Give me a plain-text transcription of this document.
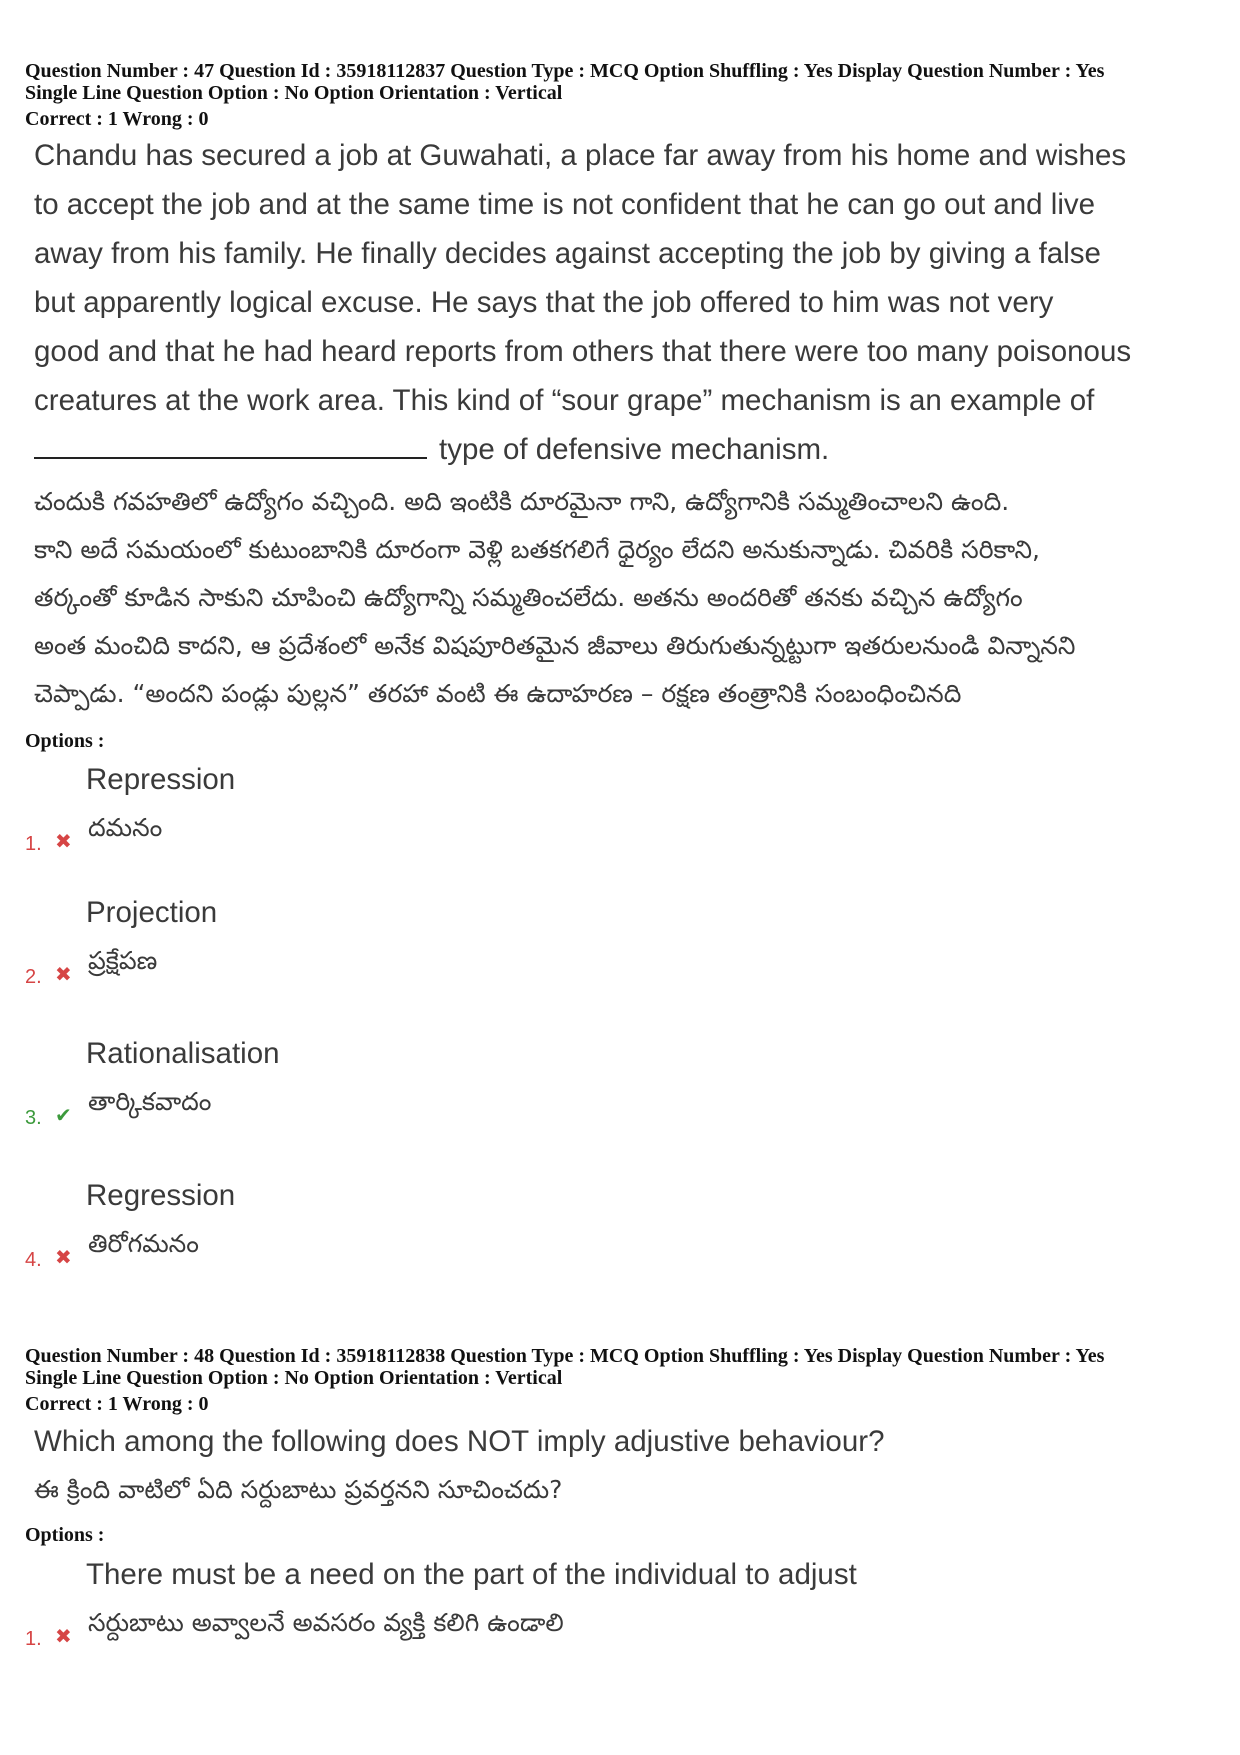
Question Number : 47 Question Id : 35918112837 Question Type : MCQ Option Shuffling : Yes Display Question Number : Yes
Single Line Question Option : No Option Orientation : Vertical
Correct : 1 Wrong : 0
Chandu has secured a job at Guwahati, a place far away from his home and wishes
to accept the job and at the same time is not confident that he can go out and live
away from his family. He finally decides against accepting the job by giving a false
but apparently logical excuse. He says that the job offered to him was not very
good and that he had heard reports from others that there were too many poisonous
creatures at the work area. This kind of “sour grape” mechanism is an example of
type of defensive mechanism.
చందుకి గవహతిలో ఉద్యోగం వచ్చింది. అది ఇంటికి దూరమైనా గాని, ఉద్యోగానికి సమ్మతించాలని ఉంది.
కాని అదే సమయంలో కుటుంబానికి దూరంగా వెళ్లి బతకగలిగే ధైర్యం లేదని అనుకున్నాడు. చివరికి సరికాని,
తర్కంతో కూడిన సాకుని చూపించి ఉద్యోగాన్ని సమ్మతించలేదు. అతను అందరితో తనకు వచ్చిన ఉద్యోగం
అంత మంచిది కాదని, ఆ ప్రదేశంలో అనేక విషపూరితమైన జీవాలు తిరుగుతున్నట్టుగా ఇతరులనుండి విన్నానని
చెప్పాడు. “అందని పండ్లు పుల్లన” తరహా వంటి ఈ ఉదాహరణ – రక్షణ తంత్రానికి సంబంధించినది
Options :
Repression
దమనం
1. ✖
Projection
ప్రక్షేపణ
2. ✖
Rationalisation
తార్కికవాదం
3. ✔
Regression
తిరోగమనం
4. ✖
Question Number : 48 Question Id : 35918112838 Question Type : MCQ Option Shuffling : Yes Display Question Number : Yes
Single Line Question Option : No Option Orientation : Vertical
Correct : 1 Wrong : 0
Which among the following does NOT imply adjustive behaviour?
ఈ క్రింది వాటిలో ఏది సర్దుబాటు ప్రవర్తనని సూచించదు?
Options :
There must be a need on the part of the individual to adjust
సర్దుబాటు అవ్వాలనే అవసరం వ్యక్తి కలిగి ఉండాలి
1. ✖
